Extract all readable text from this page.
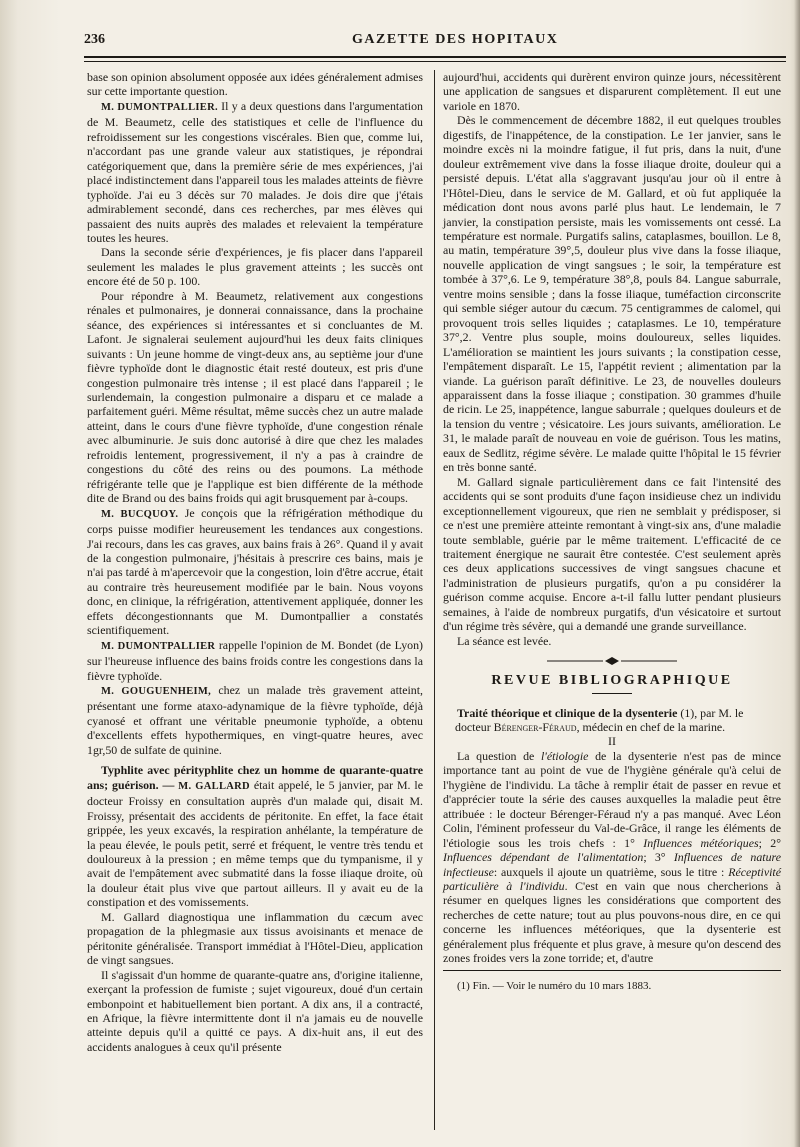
236	GAZETTE DES HOPITAUX

base son opinion absolument opposée aux idées généralement admises sur cette importante question.

M. DUMONTPALLIER. Il y a deux questions dans l'argumentation de M. Beaumetz, celle des statistiques et celle de l'influence du refroidissement sur les congestions viscérales. Bien que, comme lui, n'accordant pas une grande valeur aux statistiques, je répondrai catégoriquement que, dans la première série de mes expériences, j'ai placé indistinctement dans l'appareil tous les malades atteints de fièvre typhoïde. J'ai eu 3 décès sur 70 malades. Je dois dire que j'étais admirablement secondé, dans ces recherches, par mes élèves qui passaient des nuits auprès des malades et relevaient la température toutes les heures.

Dans la seconde série d'expériences, je fis placer dans l'appareil seulement les malades le plus gravement atteints ; les succès ont encore été de 50 p. 100.

Pour répondre à M. Beaumetz, relativement aux congestions rénales et pulmonaires, je donnerai connaissance, dans la prochaine séance, des expériences si intéressantes et si concluantes de M. Lafont. Je signalerai seulement aujourd'hui les deux faits cliniques suivants : Un jeune homme de vingt-deux ans, au septième jour d'une fièvre typhoïde dont le diagnostic était resté douteux, est pris d'une congestion pulmonaire très intense ; il est placé dans l'appareil ; le surlendemain, la congestion pulmonaire a disparu et ce malade a parfaitement guéri. Même résultat, même succès chez un autre malade atteint, dans le cours d'une fièvre typhoïde, d'une congestion rénale avec albuminurie. Je suis donc autorisé à dire que chez les malades refroidis lentement, progressivement, il n'y a pas à craindre de congestions du côté des reins ou des poumons. La méthode réfrigérante telle que je l'applique est bien différente de la méthode dite de Brand ou des bains froids qui agit brusquement par à-coups.

M. BUCQUOY. Je conçois que la réfrigération méthodique du corps puisse modifier heureusement les tendances aux congestions. J'ai recours, dans les cas graves, aux bains frais à 26°. Quand il y avait de la congestion pulmonaire, j'hésitais à prescrire ces bains, mais je n'ai pas tardé à m'apercevoir que la congestion, loin d'être accrue, était au contraire très heureusement modifiée par le bain. Nous voyons donc, en clinique, la réfrigération, attentivement appliquée, donner les effets décongestionnants que M. Dumontpallier a constatés scientifiquement.

M. DUMONTPALLIER rappelle l'opinion de M. Bondet (de Lyon) sur l'heureuse influence des bains froids contre les congestions dans la fièvre typhoïde.

M. GOUGUENHEIM, chez un malade très gravement atteint, présentant une forme ataxo-adynamique de la fièvre typhoïde, déjà cyanosé et offrant une véritable pneumonie typhoïde, a obtenu d'excellents effets hypothermiques, en vingt-quatre heures, avec 1gr,50 de sulfate de quinine.

Typhlite avec pérityphlite chez un homme de quarante-quatre ans; guérison. — M. GALLARD était appelé, le 5 janvier, par M. le docteur Froissy en consultation auprès d'un malade qui, disait M. Froissy, présentait des accidents de péritonite. En effet, la face était grippée, les yeux excavés, la respiration anhélante, la température de la peau élevée, le pouls petit, serré et fréquent, le ventre très tendu et douloureux à la pression ; en même temps que du tympanisme, il y avait de l'empâtement avec submatité dans la fosse iliaque droite, où la douleur était plus vive que partout ailleurs. Il y avait eu de la constipation et des vomissements.

M. Gallard diagnostiqua une inflammation du cæcum avec propagation de la phlegmasie aux tissus avoisinants et menace de péritonite généralisée. Transport immédiat à l'Hôtel-Dieu, application de vingt sangsues.

Il s'agissait d'un homme de quarante-quatre ans, d'origine italienne, exerçant la profession de fumiste ; sujet vigoureux, doué d'un certain embonpoint et habituellement bien portant. A dix ans, il a contracté, en Afrique, la fièvre intermittente dont il n'a jamais eu de nouvelle atteinte depuis qu'il a quitté ce pays. A dix-huit ans, il eut des accidents analogues à ceux qu'il présente

aujourd'hui, accidents qui durèrent environ quinze jours, nécessitèrent une application de sangsues et disparurent complètement. Il eut une variole en 1870.

Dès le commencement de décembre 1882, il eut quelques troubles digestifs, de l'inappétence, de la constipation. Le 1er janvier, sans le moindre excès ni la moindre fatigue, il fut pris, dans la nuit, d'une douleur extrêmement vive dans la fosse iliaque droite, douleur qui a persisté depuis. L'état alla s'aggravant jusqu'au jour où il entre à l'Hôtel-Dieu, dans le service de M. Gallard, et où fut appliquée la médication dont nous avons parlé plus haut. Le lendemain, le 7 janvier, la constipation persiste, mais les vomissements ont cessé. La température est normale. Purgatifs salins, cataplasmes, bouillon. Le 8, au matin, température 39°,5, douleur plus vive dans la fosse iliaque, nouvelle application de vingt sangsues ; le soir, la température est tombée à 37°,6. Le 9, température 38°,8, pouls 84. Langue saburrale, ventre moins sensible ; dans la fosse iliaque, tuméfaction circonscrite qui semble siéger autour du cæcum. 75 centigrammes de calomel, qui provoquent trois selles liquides ; cataplasmes. Le 10, température 37°,2. Ventre plus souple, moins douloureux, selles liquides. L'amélioration se maintient les jours suivants ; la constipation cesse, l'empâtement disparaît. Le 15, l'appétit revient ; alimentation par la viande. La guérison paraît définitive. Le 23, de nouvelles douleurs apparaissent dans la fosse iliaque ; constipation. 30 grammes d'huile de ricin. Le 25, inappétence, langue saburrale ; quelques douleurs et de la tension du ventre ; vésicatoire. Les jours suivants, amélioration. Le 31, le malade paraît de nouveau en voie de guérison. Tous les matins, eaux de Sedlitz, régime sévère. Le malade quitte l'hôpital le 15 février en très bonne santé.

M. Gallard signale particulièrement dans ce fait l'intensité des accidents qui se sont produits d'une façon insidieuse chez un individu exceptionnellement vigoureux, que rien ne semblait y prédisposer, si ce n'est une première atteinte remontant à vingt-six ans, d'une maladie toute semblable, guérie par le même traitement. L'efficacité de ce traitement énergique ne saurait être contestée. C'est seulement après ces deux applications successives de vingt sangsues chacune et l'administration de plusieurs purgatifs, qu'on a pu considérer la guérison comme acquise. Encore a-t-il fallu lutter pendant plusieurs semaines, à l'aide de nombreux purgatifs, d'un vésicatoire et surtout d'un régime très sévère, qui a demandé une grande surveillance.

La séance est levée.

REVUE BIBLIOGRAPHIQUE

Traité théorique et clinique de la dysenterie (1), par M. le

docteur Bérenger-Féraud, médecin en chef de la marine.

II

La question de l'étiologie de la dysenterie n'est pas de mince importance tant au point de vue de l'hygiène générale qu'à celui de l'hygiène de l'individu. La tâche à remplir était de passer en revue et d'apprécier toute la série des causes auxquelles la maladie peut être attribuée : le docteur Bérenger-Féraud n'y a pas manqué. Avec Léon Colin, l'éminent professeur du Val-de-Grâce, il range les éléments de l'étiologie sous les trois chefs : 1° Influences météoriques; 2° Influences dépendant de l'alimentation; 3° Influences de nature infectieuse: auxquels il ajoute un quatrième, sous le titre : Réceptivité particulière à l'individu. C'est en vain que nous chercherions à résumer en quelques lignes les considérations que comportent des recherches de cette nature; tout au plus pouvons-nous dire, en ce qui concerne les influences météoriques, que la dysenterie est généralement plus fréquente et plus grave, à mesure qu'on descend des zones froides vers la zone torride; et, d'autre

(1) Fin. — Voir le numéro du 10 mars 1883.
